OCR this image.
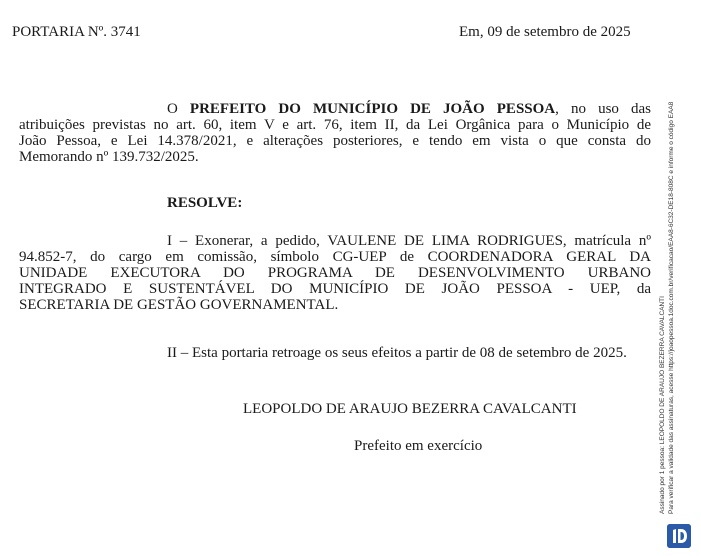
PORTARIA Nº. 3741	Em, 09 de setembro de 2025
O PREFEITO DO MUNICÍPIO DE JOÃO PESSOA, no uso das
atribuições previstas no art. 60, item V e art. 76, item II, da Lei Orgânica para o Município de
João Pessoa, e Lei 14.378/2021, e alterações posteriores, e tendo em vista o que consta do
Memorando nº 139.732/2025.
RESOLVE:
I – Exonerar, a pedido, VAULENE DE LIMA RODRIGUES, matrícula nº
94.852-7, do cargo em comissão, símbolo CG-UEP de COORDENADORA GERAL DA
UNIDADE EXECUTORA DO PROGRAMA DE DESENVOLVIMENTO URBANO
INTEGRADO E SUSTENTÁVEL DO MUNICÍPIO DE JOÃO PESSOA - UEP, da
SECRETARIA DE GESTÃO GOVERNAMENTAL.
II – Esta portaria retroage os seus efeitos a partir de 08 de setembro de 2025.
LEOPOLDO DE ARAUJO BEZERRA CAVALCANTI
Prefeito em exercício	Assinado por 1 pessoa: LEOPOLDO DE ARAUJO BEZERRA CAVALCANTI Para verificar a validade das assinaturas, acesse https://joaopessoa.1doc.com.br/verificacao/EAA8-6C32-DE18-808C e informe o código EAA8
